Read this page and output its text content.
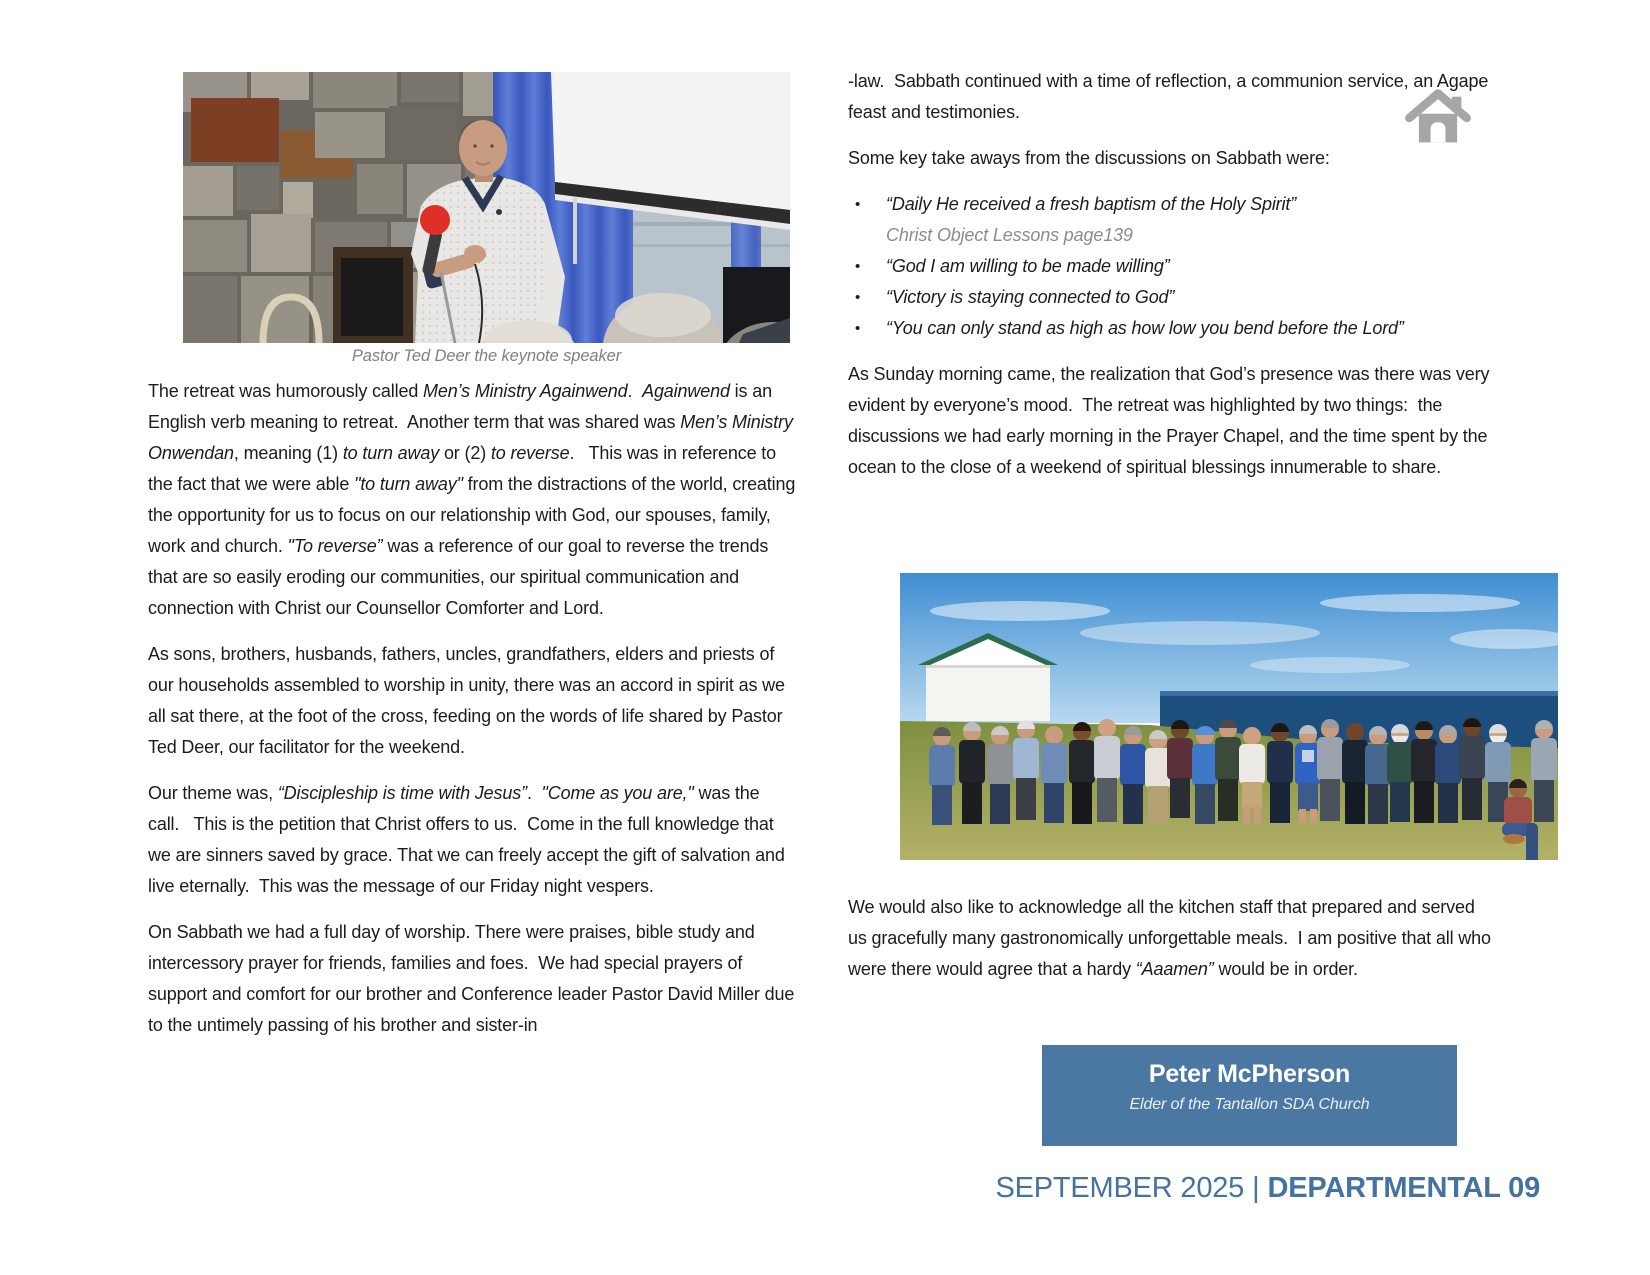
Pastor Ted Deer the keynote speaker

The retreat was humorously called Men’s Ministry Againwend.  Againwend is an English verb meaning to retreat.  Another term that was shared was Men’s Ministry Onwendan, meaning (1) to turn away or (2) to reverse.   This was in reference to the fact that we were able "to turn away" from the distractions of the world, creating the opportunity for us to focus on our relationship with God, our spouses, family, work and church. "To reverse” was a reference of our goal to reverse the trends that are so easily eroding our communities, our spiritual communication and connection with Christ our Counsellor Comforter and Lord.

As sons, brothers, husbands, fathers, uncles, grandfathers, elders and priests of our households assembled to worship in unity, there was an accord in spirit as we all sat there, at the foot of the cross, feeding on the words of life shared by Pastor Ted Deer, our facilitator for the weekend.

Our theme was, “Discipleship is time with Jesus”.  "Come as you are," was the call.   This is the petition that Christ offers to us.  Come in the full knowledge that we are sinners saved by grace. That we can freely accept the gift of salvation and live eternally.  This was the message of our Friday night vespers.

On Sabbath we had a full day of worship. There were praises, bible study and intercessory prayer for friends, families and foes.  We had special prayers of support and comfort for our brother and Conference leader Pastor David Miller due to the untimely passing of his brother and sister-in

-law.  Sabbath continued with a time of reflection, a communion service, an Agape feast and testimonies.

Some key take aways from the discussions on Sabbath were:

•	“Daily He received a fresh baptism of the Holy Spirit”
Christ Object Lessons page139
•	“God I am willing to be made willing”
•	“Victory is staying connected to God”
•	“You can only stand as high as how low you bend before the Lord”

As Sunday morning came, the realization that God’s presence was there was very evident by everyone’s mood.  The retreat was highlighted by two things:  the discussions we had early morning in the Prayer Chapel, and the time spent by the ocean to the close of a weekend of spiritual blessings innumerable to share.

We would also like to acknowledge all the kitchen staff that prepared and served us gracefully many gastronomically unforgettable meals.  I am positive that all who were there would agree that a hardy “Aaamen” would be in order.

Peter McPherson
Elder of the Tantallon SDA Church
SEPTEMBER 2025 | DEPARTMENTAL 09
